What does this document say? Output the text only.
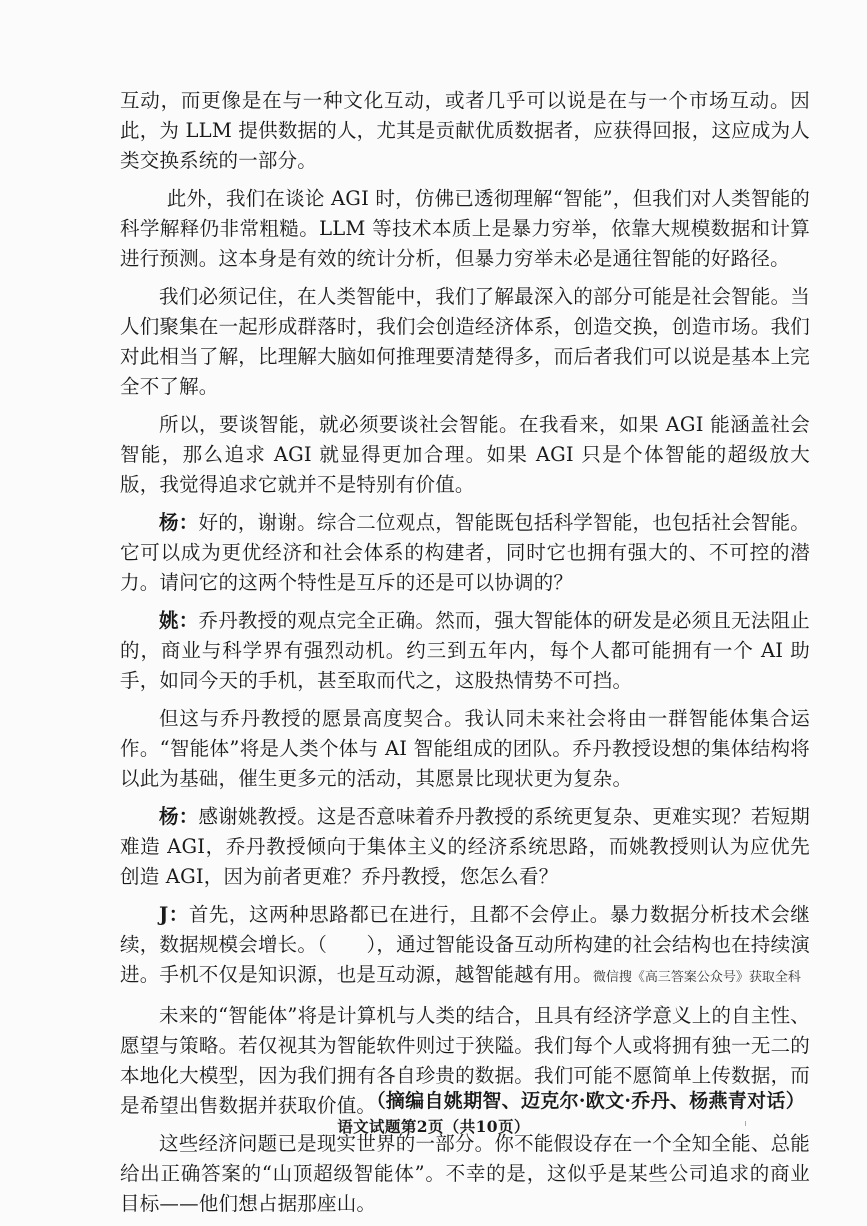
互动，而更像是在与一种文化互动，或者几乎可以说是在与一个市场互动。因此，为 LLM 提供数据的人，尤其是贡献优质数据者，应获得回报，这应成为人类交换系统的一部分。

此外，我们在谈论 AGI 时，仿佛已透彻理解“智能”，但我们对人类智能的科学解释仍非常粗糙。LLM 等技术本质上是暴力穷举，依靠大规模数据和计算进行预测。这本身是有效的统计分析，但暴力穷举未必是通往智能的好路径。

我们必须记住，在人类智能中，我们了解最深入的部分可能是社会智能。当人们聚集在一起形成群落时，我们会创造经济体系，创造交换，创造市场。我们对此相当了解，比理解大脑如何推理要清楚得多，而后者我们可以说是基本上完全不了解。

所以，要谈智能，就必须要谈社会智能。在我看来，如果 AGI 能涵盖社会智能，那么追求 AGI 就显得更加合理。如果 AGI 只是个体智能的超级放大版，我觉得追求它就并不是特别有价值。

杨：好的，谢谢。综合二位观点，智能既包括科学智能，也包括社会智能。它可以成为更优经济和社会体系的构建者，同时它也拥有强大的、不可控的潜力。请问它的这两个特性是互斥的还是可以协调的？

姚：乔丹教授的观点完全正确。然而，强大智能体的研发是必须且无法阻止的，商业与科学界有强烈动机。约三到五年内，每个人都可能拥有一个 AI 助手，如同今天的手机，甚至取而代之，这股热情势不可挡。

但这与乔丹教授的愿景高度契合。我认同未来社会将由一群智能体集合运作。“智能体”将是人类个体与 AI 智能组成的团队。乔丹教授设想的集体结构将以此为基础，催生更多元的活动，其愿景比现状更为复杂。

杨：感谢姚教授。这是否意味着乔丹教授的系统更复杂、更难实现？若短期难造 AGI，乔丹教授倾向于集体主义的经济系统思路，而姚教授则认为应优先创造 AGI，因为前者更难？乔丹教授，您怎么看？

J：首先，这两种思路都已在进行，且都不会停止。暴力数据分析技术会继续，数据规模会增长。（　　），通过智能设备互动所构建的社会结构也在持续演进。手机不仅是知识源，也是互动源，越智能越有用。微信搜《高三答案公众号》获取全科

未来的“智能体”将是计算机与人类的结合，且具有经济学意义上的自主性、愿望与策略。若仅视其为智能软件则过于狭隘。我们每个人或将拥有独一无二的本地化大模型，因为我们拥有各自珍贵的数据。我们可能不愿简单上传数据，而是希望出售数据并获取价值。

这些经济问题已是现实世界的一部分。你不能假设存在一个全知全能、总能给出正确答案的“山顶超级智能体”。不幸的是，这似乎是某些公司追求的商业目标——他们想占据那座山。

（摘编自姚期智、迈克尔·欧文·乔丹、杨燕青对话）

语文试题第2页（共10页）
